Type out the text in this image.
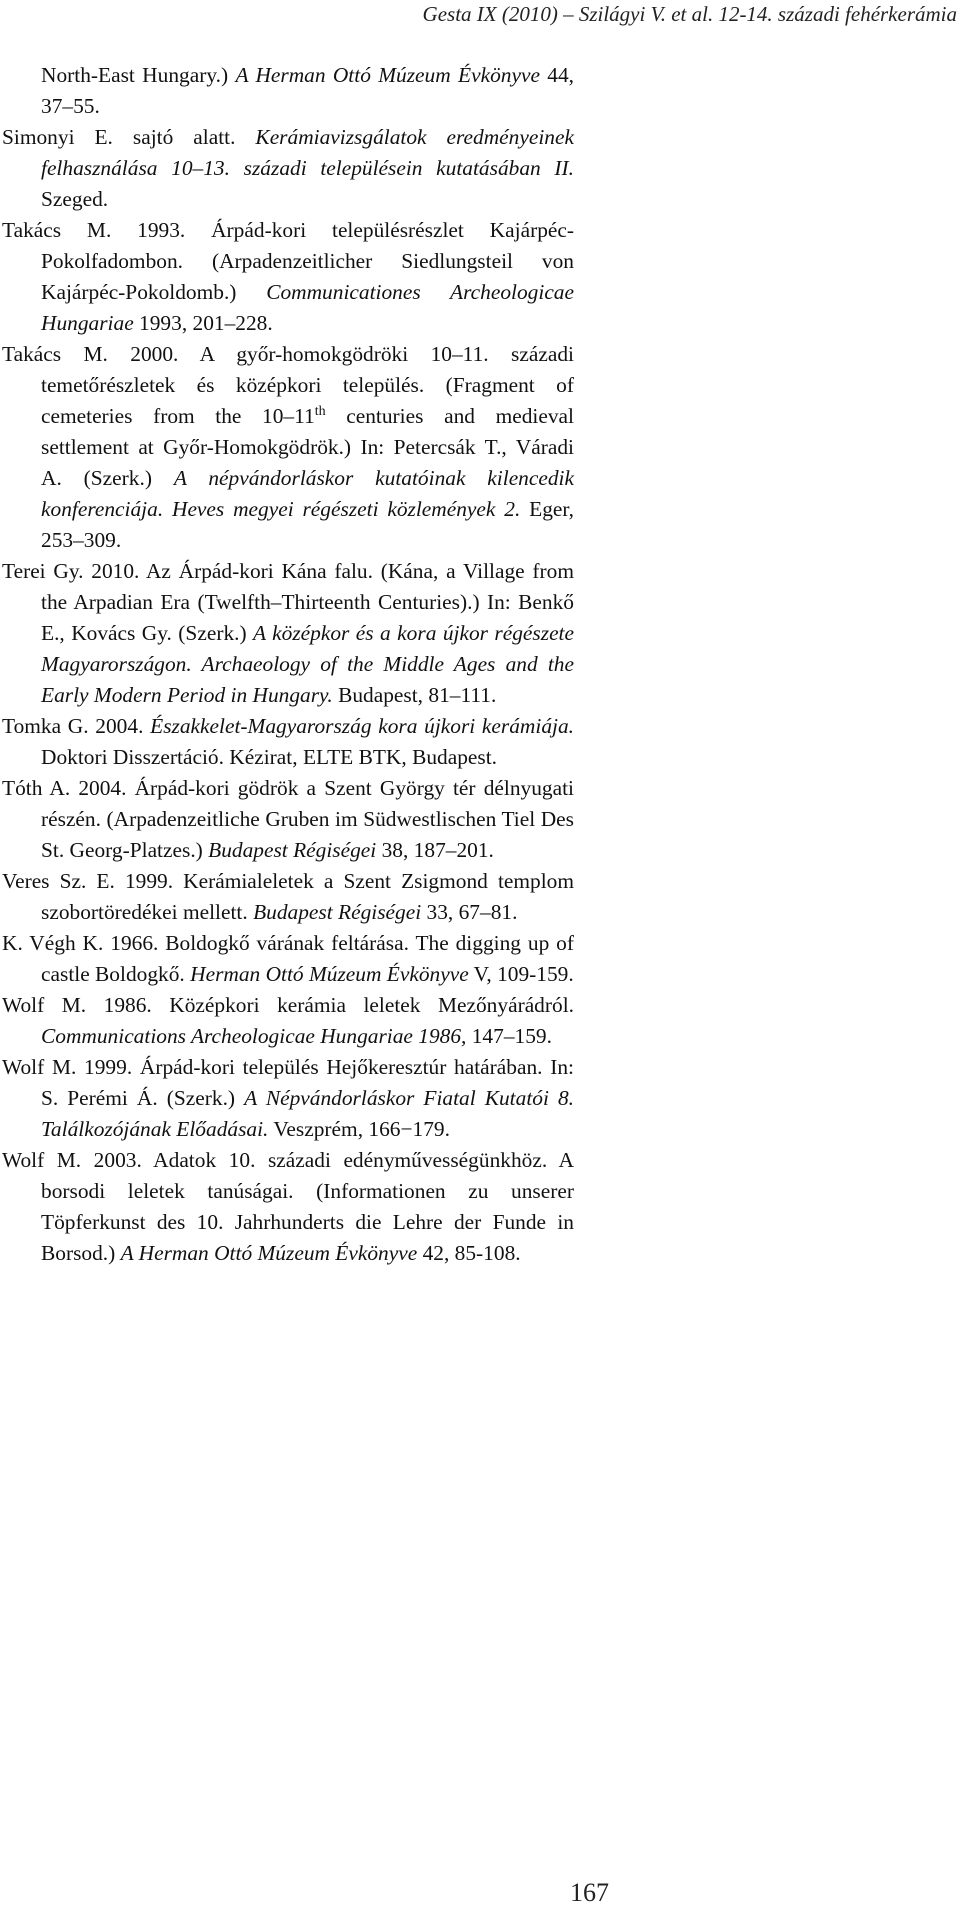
Gesta IX (2010) – Szilágyi V. et al. 12-14. századi fehérkerámia

North-East Hungary.) A Herman Ottó Múzeum Évkönyve 44, 37–55.

Simonyi E. sajtó alatt. Kerámiavizsgálatok eredményeinek felhasználása 10–13. századi településein kutatásában II. Szeged.

Takács M. 1993. Árpád-kori településrészlet Kajárpéc-Pokolfadombon. (Arpadenzeitlicher Siedlungsteil von Kajárpéc-Pokoldomb.) Communicationes Archeologicae Hungariae 1993, 201–228.

Takács M. 2000. A győr-homokgödröki 10–11. századi temetőrészletek és középkori település. (Fragment of cemeteries from the 10–11th centuries and medieval settlement at Győr-Homokgödrök.) In: Petercsák T., Váradi A. (Szerk.) A népvándorláskor kutatóinak kilencedik konferenciája. Heves megyei régészeti közlemények 2. Eger, 253–309.

Terei Gy. 2010. Az Árpád-kori Kána falu. (Kána, a Village from the Arpadian Era (Twelfth–Thirteenth Centuries).) In: Benkő E., Kovács Gy. (Szerk.) A középkor és a kora újkor régészete Magyarországon. Archaeology of the Middle Ages and the Early Modern Period in Hungary. Budapest, 81–111.

Tomka G. 2004. Északkelet-Magyarország kora újkori kerámiája. Doktori Disszertáció. Kézirat, ELTE BTK, Budapest.

Tóth A. 2004. Árpád-kori gödrök a Szent György tér délnyugati részén. (Arpadenzeitliche Gruben im Südwestlischen Tiel Des St. Georg-Platzes.) Budapest Régiségei 38, 187–201.

Veres Sz. E. 1999. Kerámialeletek a Szent Zsigmond templom szobortöredékei mellett. Budapest Régiségei 33, 67–81.

K. Végh K. 1966. Boldogkő várának feltárása. The digging up of castle Boldogkő. Herman Ottó Múzeum Évkönyve V, 109-159.

Wolf M. 1986. Középkori kerámia leletek Mezőnyárádról. Communications Archeologicae Hungariae 1986, 147–159.

Wolf M. 1999. Árpád-kori település Hejőkeresztúr határában. In: S. Perémi Á. (Szerk.) A Népvándorláskor Fiatal Kutatói 8. Találkozójának Előadásai. Veszprém, 166−179.

Wolf M. 2003. Adatok 10. századi edényművességünkhöz. A borsodi leletek tanúságai. (Informationen zu unserer Töpferkunst des 10. Jahrhunderts die Lehre der Funde in Borsod.) A Herman Ottó Múzeum Évkönyve 42, 85-108.

167
